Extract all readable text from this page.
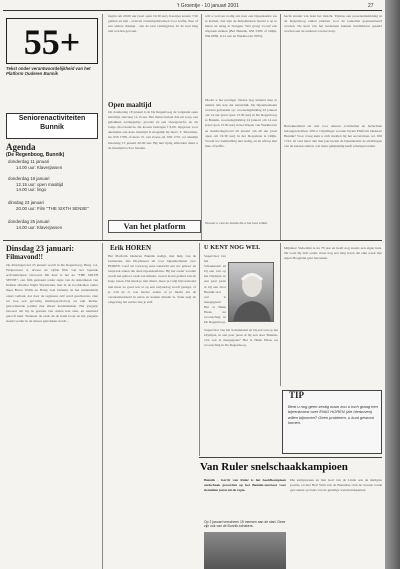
't Groentje - 10 januari 2001	27
55+

Tekst onder verantwoordelijkheid van het Platform Ouderen Bunnik

Seniorenactiviteiten
Bunnik

Agenda

(De Regenboog, Bunnik)

donderdag 11 januari

14.00 uur: Klaverjassen

donderdag 18 januari

12.15 uur: open maaltijd

14.00 uur: lingo

dinsdag 23 januari

20.00 uur: Film "THE SIXTH SENSE"

donderdag 25 januari

14.00 uur: Klaverjassen

Dinsdag 23 januari:

Filmavond!!

Op dinsdagavond 23 januari wordt in De Regenboog, Burg. v.d. Weijerstraat 4, alweer de vijfde film van het lopende activiteitenjaar vertoond. Dit keer is het de "THE SIXTH SENSE", een film gemaakt onder regie van de Amerikaan van Indiase afkomst Night Shyamalan, met in de hoofdrollen onder meer Bruce Willis en Haley Joel Osment. In het eenheidsbrij onzer verhaal, dat door de regisseur zelf werd geschreven, zien we hoe een gevoelig kinderpsycholoog en zijn kleine, getroebleerde patiënt met elkaar kennismaken. Het jongetje beweert dat hij de geesten van doden kan zien, en niemand gelooft hem. Wanneer de zaak uit de hand loopt en het jongetje steeds verder in de nauwe getrokken wordt...

begint om 20.00 uur (zaal open 19.30 uur). Kaartjes kosten 7,50 gulden en zijn - evenals consumptiebonnen voor koffie, thee of een andere drankje - aan de zaal verkrijgbaar. In de zaal mag niet worden gerookt.

Open maaltijd

Op donderdag 18 januari is in De Regenboog de volgende open maaltijd, aanvang 12.15 uur. Het menu bestaat dan uit soep, een gebakken aardappeltje, groente en een vleesgerecht, en als toetje chocoladevla. De kosten bedragen f 8,00. Opgeven voor deelname aan deze maaltijd is mogelijk bij mevr. T. Moerman, tel. 656 1788, of mevr. N. van Zoest, tel. 656 1747, tot uiterlijk maandag 15 januari 20.00 uur. Bij niet tijdig afmelden dient u de maaltijd toch te betalen.

Van het platform

Erik HOREN

Het Platform Ouderen Bunnik nodigt, met hulp van de Gemeente, alle 60-plussers uit voor bijeenkomsten over HOREN. Geef uit voorzorg eens aandacht aan uw gehoor en bespreek zaken die deze bijeenkomsten. Bij het ouder worden wordt het gehoor vaak wat minder, vooral in het gebied van de hoge tonen. Dat merk je niet direct, maar je volgt bijvoorbeeld niet meer zo goed wat er op een verjaardag wordt gezegd, of je wilt de tv wat harder zetten of je merkt dat de verstaanbaarheid in zalen en kerken minder is. Vaak zegt de omgeving het eerder dan je zelf.

wilt u vervoer nodig om naar een bijeenkomst toe te komen, dan zijn de hulpdiensten bereid u op te halen en terug te brengen. Wel graag vooraf een afspraak maken (Bel Bunnik, 656 5300 of Odijk, 656 6930, 9-12 uur en Werkhoven 5505).

Mocht u het prettiger vinden nog iemand mee te nemen dan kan dat natuurlijk. De bijeenkomsten worden gehouden op: woensdagmiddag 22 januari om 14 uur (zaal open 13.30 uur) in De Regenboog te Bunnik, woensdagmiddag 24 januari om 14 uur (zaal open 13.30 uur) in het Wapen van Werkhoven en donderdagavond 29 januari om 20 uur (zaal open om 19.30 uur) in het Dorpshuis te Odijk. Vooraf uw aanmelding niet nodig, en na afloop met thee of koffie.

Noteert u vast de datum die u het best schikt.

U KENT NOG WEL

Supervisor van het Schaakteam en bij een van op het Olympia, in een paar jaren al bij een door Bunnik-vlot wat is meegegaan? Het is Henk Haan, nu woonachtig in De Regenboog.

Supervisor van het Schaakteam en bij een van op het Olympia, in een paar jaren al bij een door Bunnik-vlot wat is meegegaan? Het is Henk Haan, nu woonachtig in De Regenboog.

hecht streekt van hout het inzicht. Tijdens een presentatiemiddag in de Regenboog zullen plannen voor de toekomst gepresenteerd worden. De kern van het bestaande kunnen beschikbaar gesteld worden aan de ouderen van het dorp.

Betrokkenheid zal niet voor nieuwe activiteiten en bedachten belangen hebben. Wilt u vrijwilliger worden bij het Platform Ouderen Bunnik? Voor vraag kunt u zich melden bij het secretariaat, tel. 656 1722. Al veel meer dan tien jaar kwam de bijeenkomst de stichtingen van de kernen samen, wat meer gelijktijdig heeft plaatsgevonden.

Mijnheer Siebenlist is nu 78 jaar en heeft nog steeds een eigen huis. Nu voelt hij zich ouder, maar nog een lang leven dat elke week zijn eigen Hoogland gaat bezoeken.

TIP

Bent u nog geen zestig maar zou u toch graag een bijeenkomst over ENIG HOREN (zie hierboven) willen bijwonen? Geen probleem, u kunt gewoon komen.

Van Ruler snelschaakkampioen

Bunnik - Gerrit van Ruler is het hoofdkampioen snelschaak geworden op het Bunnik-toernooi voor tientallen jaren uit de regio.

Op 2 januari verscheen 15 mensen aan de start. Deze zijn ook van de Bunnik-schakers.

Die kampioenen en met Gert van de Linde ook de dertigste positie, en met Bert Smit van de Bunnikse club de tweede ronde gewonnen op basis van de gunstige weerstandspunten.
